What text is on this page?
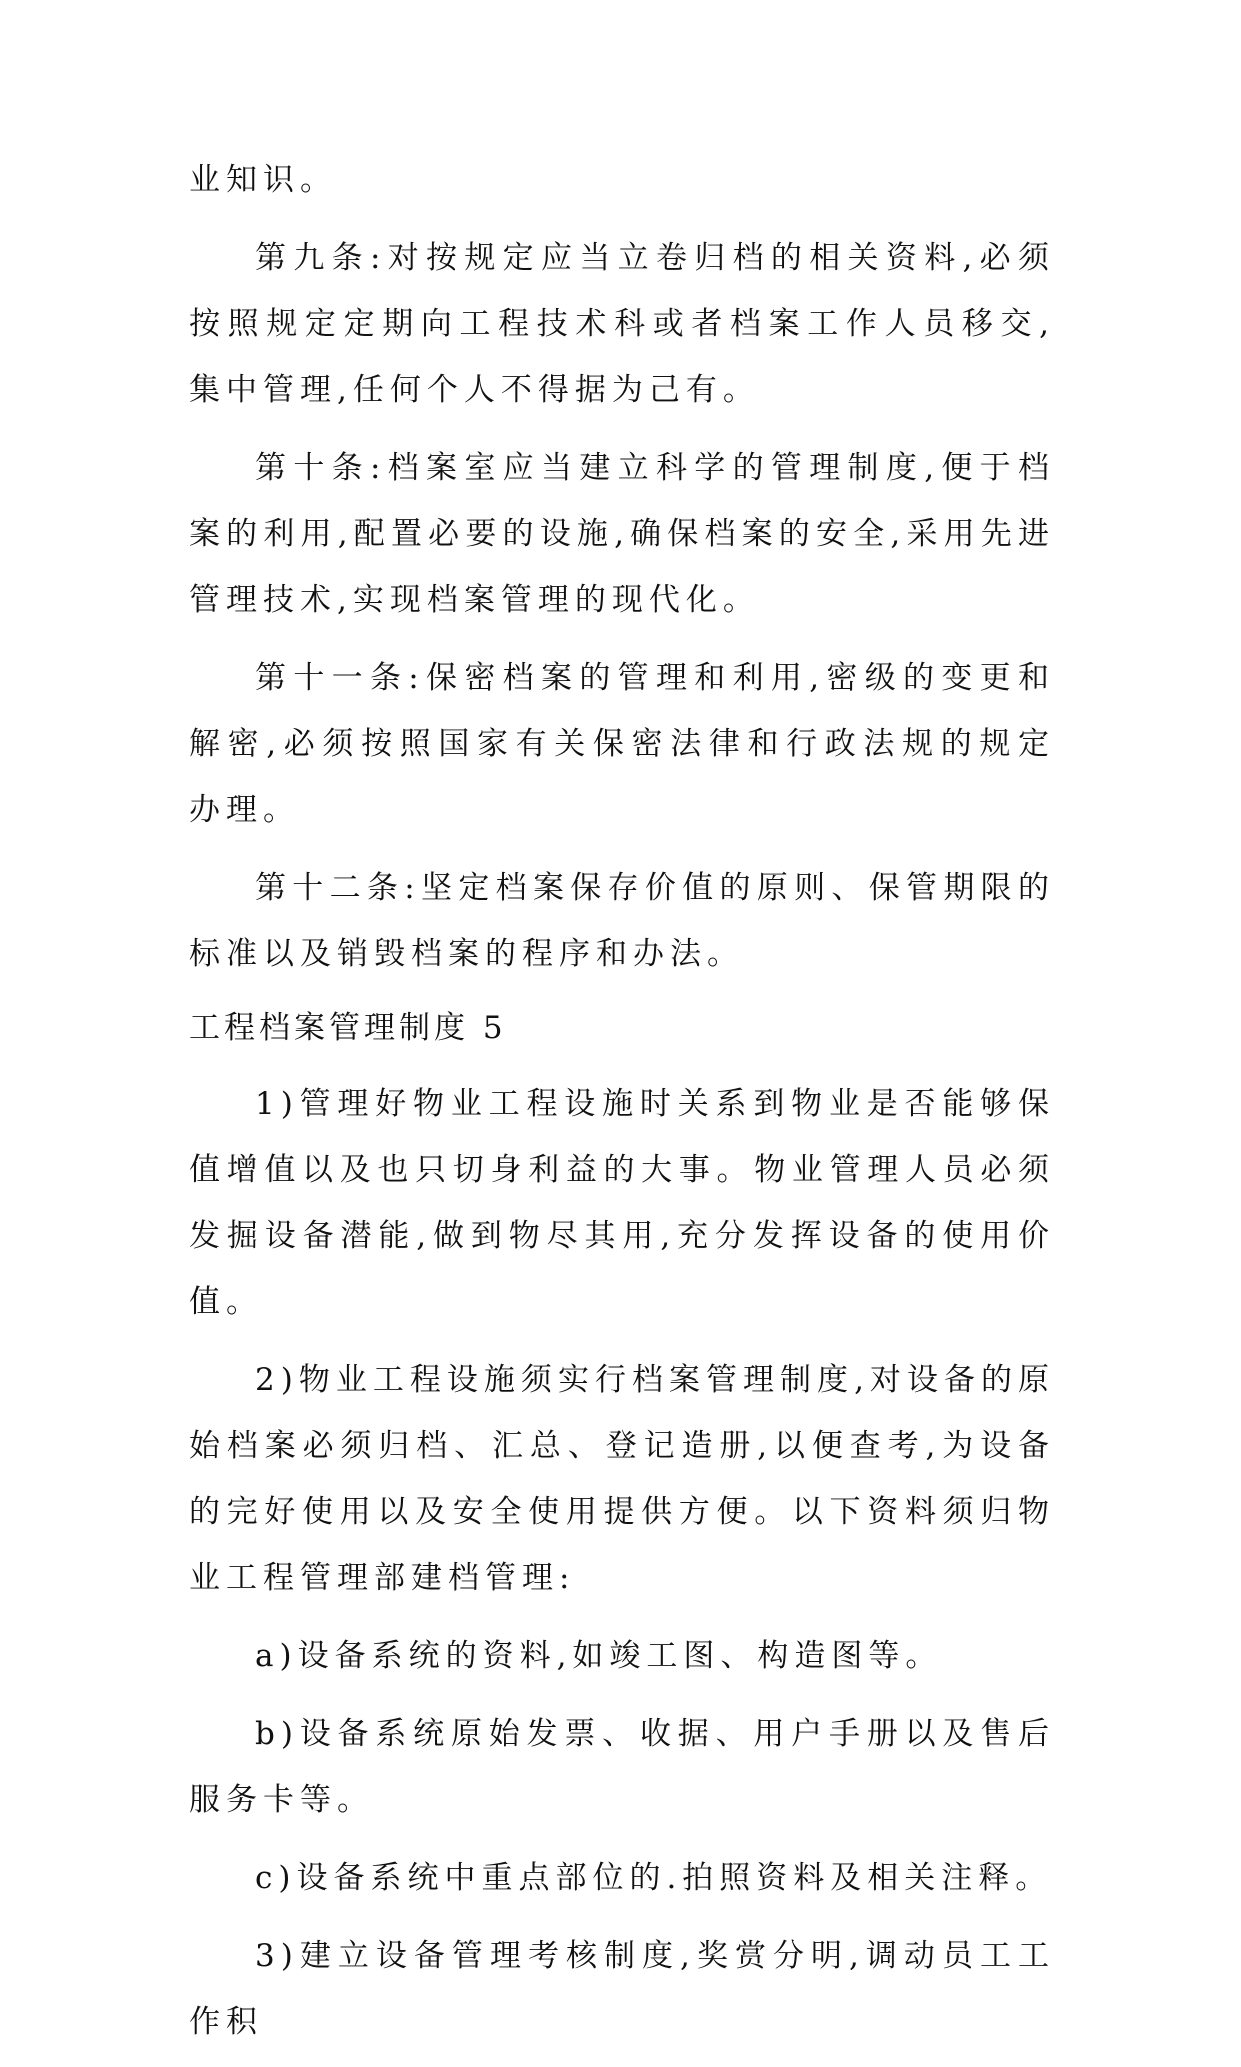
业知识。

第九条:对按规定应当立卷归档的相关资料,必须按照规定定期向工程技术科或者档案工作人员移交,集中管理,任何个人不得据为己有。

第十条:档案室应当建立科学的管理制度,便于档案的利用,配置必要的设施,确保档案的安全,采用先进管理技术,实现档案管理的现代化。

第十一条:保密档案的管理和利用,密级的变更和解密,必须按照国家有关保密法律和行政法规的规定办理。

第十二条:坚定档案保存价值的原则、保管期限的标准以及销毁档案的程序和办法。

工程档案管理制度 5

1)管理好物业工程设施时关系到物业是否能够保值增值以及也只切身利益的大事。物业管理人员必须发掘设备潜能,做到物尽其用,充分发挥设备的使用价值。

2)物业工程设施须实行档案管理制度,对设备的原始档案必须归档、汇总、登记造册,以便查考,为设备的完好使用以及安全使用提供方便。以下资料须归物业工程管理部建档管理:

a)设备系统的资料,如竣工图、构造图等。

b)设备系统原始发票、收据、用户手册以及售后服务卡等。

c)设备系统中重点部位的.拍照资料及相关注释。

3)建立设备管理考核制度,奖赏分明,调动员工工作积
